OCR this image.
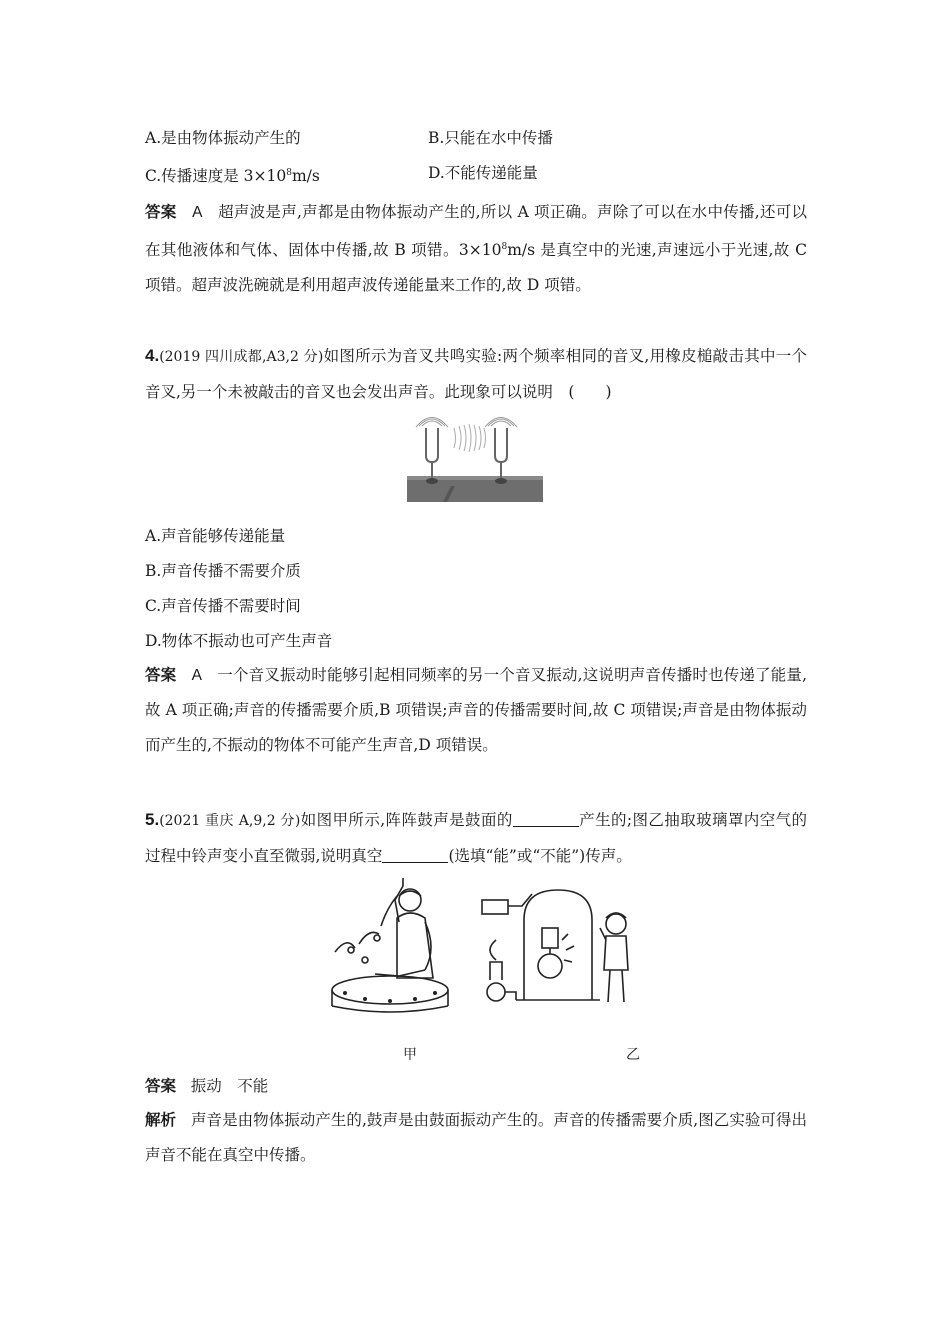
A.是由物体振动产生的	B.只能在水中传播
C.传播速度是 $3\times 10^8m/s$	D.不能传递能量
答案 A 超声波是声,声都是由物体振动产生的,所以 A 项正确。声除了可以在水中传播,还可以在其他液体和气体、固体中传播,故 B 项错。$3\times 10^8m/s$ 是真空中的光速,声速远小于光速,故 C 项错。超声波洗碗就是利用超声波传递能量来工作的,故 D 项错。
4.(2019 四川成都,A3,2 分)如图所示为音叉共鸣实验:两个频率相同的音叉,用橡皮槌敲击其中一个音叉,另一个未被敲击的音叉也会发出声音。此现象可以说明　(　　)
A.声音能够传递能量
B.声音传播不需要介质
C.声音传播不需要时间
D.物体不振动也可产生声音
答案 A 一个音叉振动时能够引起相同频率的另一个音叉振动,这说明声音传播时也传递了能量,故 A 项正确;声音的传播需要介质,B 项错误;声音的传播需要时间,故 C 项错误;声音是由物体振动而产生的,不振动的物体不可能产生声音,D 项错误。
5.(2021 重庆 A,9,2 分)如图甲所示,阵阵鼓声是鼓面的	产生的;图乙抽取玻璃罩内空气的过程中铃声变小直至微弱,说明真空	(选填“能”或“不能”)传声。
甲	乙
答案 振动　不能
解析 声音是由物体振动产生的,鼓声是由鼓面振动产生的。声音的传播需要介质,图乙实验可得出声音不能在真空中传播。
